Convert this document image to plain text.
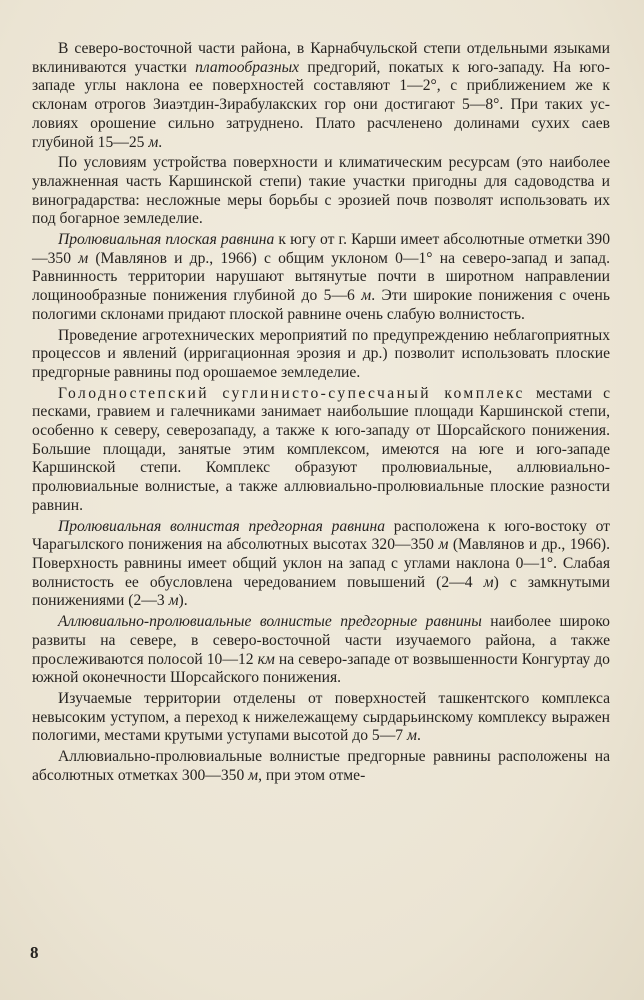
В северо-восточной части района, в Карнабчульской степи отдельными языками вклиниваются участки платообразных предгорий, покатых к юго-западу. На юго-западе углы наклона ее поверхностей составляют 1—2°, с приближением же к склонам отрогов Зиаэтдин-Зирабулакских гор они достигают 5—8°. При таких условиях орошение сильно затруднено. Плато расчленено долинами сухих саев глубиной 15—25 м.

По условиям устройства поверхности и климатическим ресурсам (это наиболее увлажненная часть Каршинской степи) такие участки пригодны для садоводства и виноградарства: несложные меры борьбы с эрозией почв позволят использовать их под богарное земледелие.

Пролювиальная плоская равнина к югу от г. Карши имеет абсолютные отметки 390—350 м (Мавлянов и др., 1966) с общим уклоном 0—1° на северо-запад и запад. Равнинность территории нарушают вытянутые почти в широтном направлении лощинообразные понижения глубиной до 5—6 м. Эти широкие понижения с очень пологими склонами придают плоской равнине очень слабую волнистость.

Проведение агротехнических мероприятий по предупреждению неблагоприятных процессов и явлений (ирригационная эрозия и др.) позволит использовать плоские предгорные равнины под орошаемое земледелие.

Голодностепский суглинисто-супесчаный комплекс местами с песками, гравием и галечниками занимает наибольшие площади Каршинской степи, особенно к северу, северозападу, а также к юго-западу от Шорсайского понижения. Большие площади, занятые этим комплексом, имеются на юге и юго-западе Каршинской степи. Комплекс образуют пролювиальные, аллювиально-пролювиальные волнистые, а также аллювиально-пролювиальные плоские разности равнин.

Пролювиальная волнистая предгорная равнина расположена к юго-востоку от Чарагылского понижения на абсолютных высотах 320—350 м (Мавлянов и др., 1966). Поверхность равнины имеет общий уклон на запад с углами наклона 0—1°. Слабая волнистость ее обусловлена чередованием повышений (2—4 м) с замкнутыми понижениями (2—3 м).

Аллювиально-пролювиальные волнистые предгорные равнины наиболее широко развиты на севере, в северо-восточной части изучаемого района, а также прослеживаются полосой 10—12 км на северо-западе от возвышенности Конгуртау до южной оконечности Шорсайского понижения.

Изучаемые территории отделены от поверхностей ташкентского комплекса невысоким уступом, а переход к нижележащему сырдарьинскому комплексу выражен пологими, местами крутыми уступами высотой до 5—7 м.

Аллювиально-пролювиальные волнистые предгорные равнины расположены на абсолютных отметках 300—350 м, при этом отме-

8
